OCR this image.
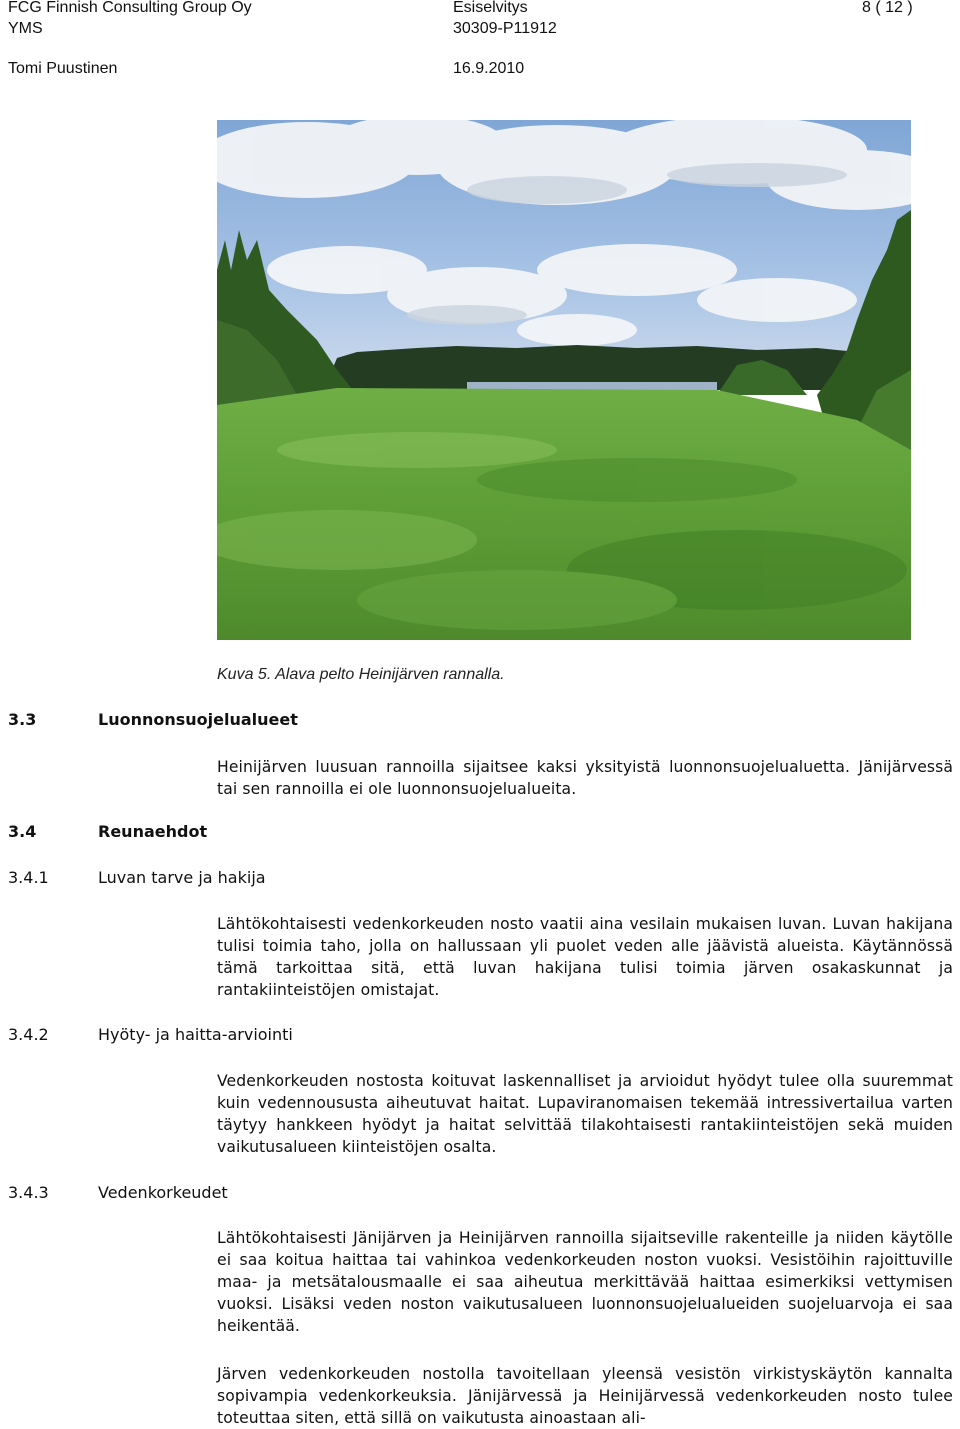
FCG Finnish Consulting Group Oy
YMS
Tomi Puustinen
Esiselvitys
30309-P11912
16.9.2010
8 ( 12 )
Kuva 5. Alava pelto Heinijärven rannalla.
3.3	Luonnonsuojelualueet
Heinijärven luusuan rannoilla sijaitsee kaksi yksityistä luonnonsuojelualuetta. Jänijärvessä tai sen rannoilla ei ole luonnonsuojelualueita.
3.4	Reunaehdot
3.4.1	Luvan tarve ja hakija
Lähtökohtaisesti vedenkorkeuden nosto vaatii aina vesilain mukaisen luvan. Luvan hakijana tulisi toimia taho, jolla on hallussaan yli puolet veden alle jäävistä alueista. Käytännössä tämä tarkoittaa sitä, että luvan hakijana tulisi toimia järven osakaskunnat ja rantakiinteistöjen omistajat.
3.4.2	Hyöty- ja haitta-arviointi
Vedenkorkeuden nostosta koituvat laskennalliset ja arvioidut hyödyt tulee olla suuremmat kuin vedennoususta aiheutuvat haitat. Lupaviranomaisen tekemää intressivertailua varten täytyy hankkeen hyödyt ja haitat selvittää tilakohtaisesti rantakiinteistöjen sekä muiden vaikutusalueen kiinteistöjen osalta.
3.4.3	Vedenkorkeudet
Lähtökohtaisesti Jänijärven ja Heinijärven rannoilla sijaitseville rakenteille ja niiden käytölle ei saa koitua haittaa tai vahinkoa vedenkorkeuden noston vuoksi. Vesistöihin rajoittuville maa- ja metsätalousmaalle ei saa aiheutua merkittävää haittaa esimerkiksi vettymisen vuoksi. Lisäksi veden noston vaikutusalueen luonnonsuojelualueiden suojeluarvoja ei saa heikentää.
Järven vedenkorkeuden nostolla tavoitellaan yleensä vesistön virkistyskäytön kannalta sopivampia vedenkorkeuksia. Jänijärvessä ja Heinijärvessä vedenkorkeuden nosto tulee toteuttaa siten, että sillä on vaikutusta ainoastaan ali-
